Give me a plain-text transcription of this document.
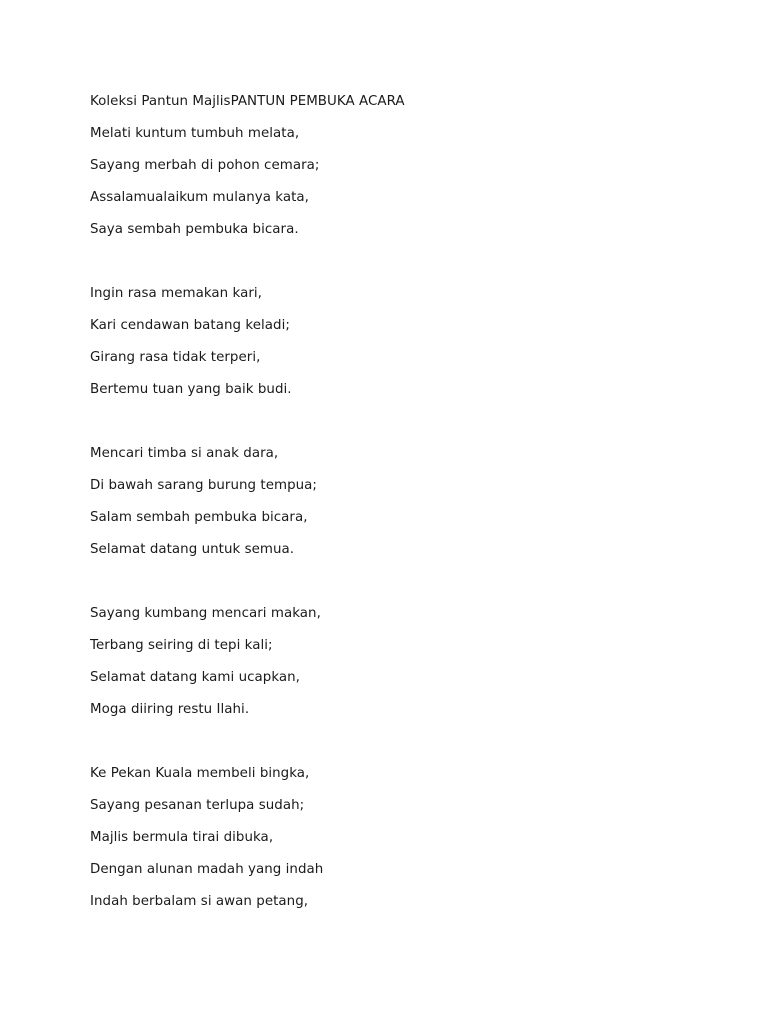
Koleksi Pantun MajlisPANTUN PEMBUKA ACARA
Melati kuntum tumbuh melata,
Sayang merbah di pohon cemara;
Assalamualaikum mulanya kata,
Saya sembah pembuka bicara.
Ingin rasa memakan kari,
Kari cendawan batang keladi;
Girang rasa tidak terperi,
Bertemu tuan yang baik budi.
Mencari timba si anak dara,
Di bawah sarang burung tempua;
Salam sembah pembuka bicara,
Selamat datang untuk semua.
Sayang kumbang mencari makan,
Terbang seiring di tepi kali;
Selamat datang kami ucapkan,
Moga diiring restu Ilahi.
Ke Pekan Kuala membeli bingka,
Sayang pesanan terlupa sudah;
Majlis bermula tirai dibuka,
Dengan alunan madah yang indah
Indah berbalam si awan petang,
